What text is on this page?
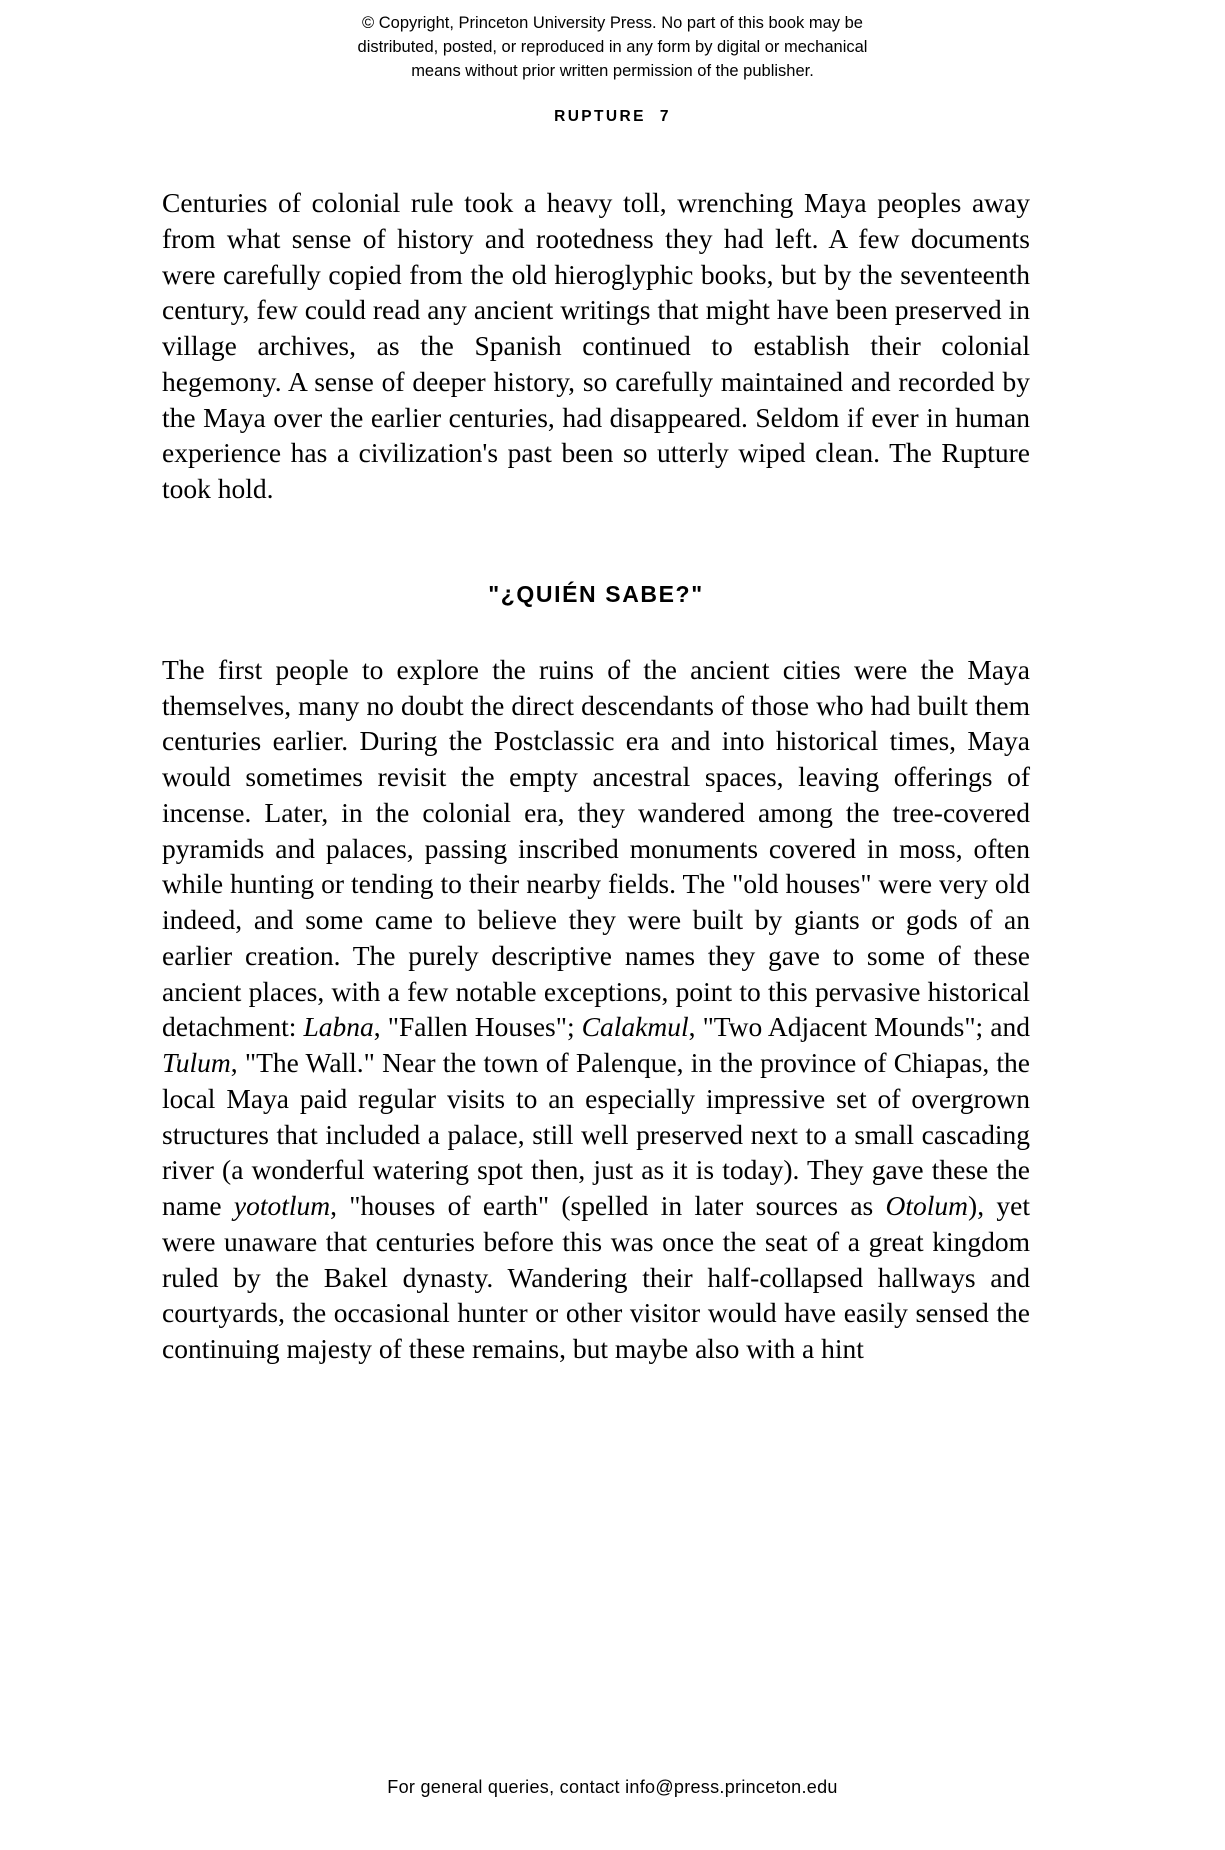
© Copyright, Princeton University Press. No part of this book may be
distributed, posted, or reproduced in any form by digital or mechanical
means without prior written permission of the publisher.
RUPTURE 7

Centuries of colonial rule took a heavy toll, wrenching Maya peoples away from what sense of history and rootedness they had left. A few documents were carefully copied from the old hieroglyphic books, but by the seventeenth century, few could read any ancient writings that might have been preserved in village archives, as the Spanish continued to establish their colonial hegemony. A sense of deeper history, so carefully maintained and recorded by the Maya over the earlier centuries, had disappeared. Seldom if ever in human experience has a civilization's past been so utterly wiped clean. The Rupture took hold.

"¿QUIÉN SABE?"

The first people to explore the ruins of the ancient cities were the Maya themselves, many no doubt the direct descendants of those who had built them centuries earlier. During the Postclassic era and into historical times, Maya would sometimes revisit the empty ancestral spaces, leaving offerings of incense. Later, in the colonial era, they wandered among the tree-covered pyramids and palaces, passing inscribed monuments covered in moss, often while hunting or tending to their nearby fields. The "old houses" were very old indeed, and some came to believe they were built by giants or gods of an earlier creation. The purely descriptive names they gave to some of these ancient places, with a few notable exceptions, point to this pervasive historical detachment: Labna, "Fallen Houses"; Calakmul, "Two Adjacent Mounds"; and Tulum, "The Wall." Near the town of Palenque, in the province of Chiapas, the local Maya paid regular visits to an especially impressive set of overgrown structures that included a palace, still well preserved next to a small cascading river (a wonderful watering spot then, just as it is today). They gave these the name yototlum, "houses of earth" (spelled in later sources as Otolum), yet were unaware that centuries before this was once the seat of a great kingdom ruled by the Bakel dynasty. Wandering their half-collapsed hallways and courtyards, the occasional hunter or other visitor would have easily sensed the continuing majesty of these remains, but maybe also with a hint

For general queries, contact info@press.princeton.edu
